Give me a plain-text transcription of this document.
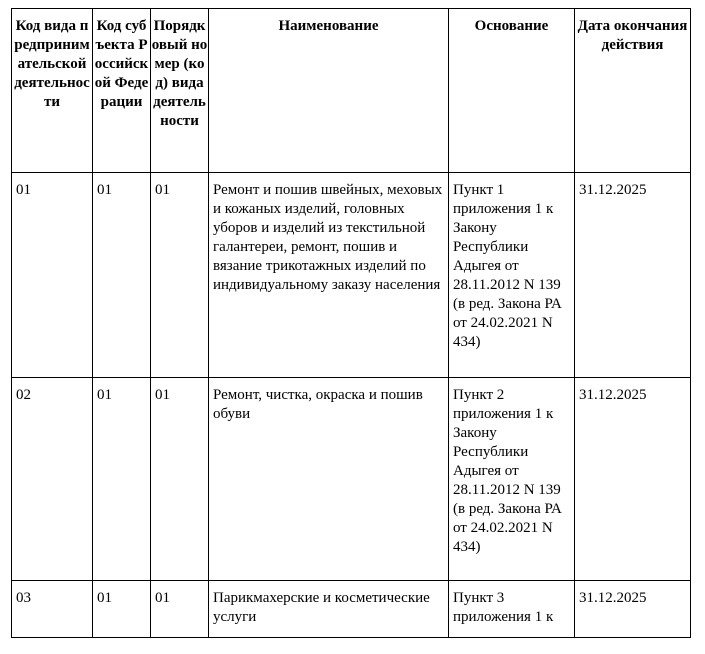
Код вида предпринимательской деятельности	Код субъекта Российской Федерации	Порядковый номер (код) вида деятельности	Наименование	Основание	Дата окончания действия
01	01	01	Ремонт и пошив швейных, меховых и кожаных изделий, головных уборов и изделий из текстильной галантереи, ремонт, пошив и вязание трикотажных изделий по индивидуальному заказу населения	Пункт 1 приложения 1 к Закону Республики Адыгея от 28.11.2012 N 139 (в ред. Закона РА от 24.02.2021 N 434)	31.12.2025
02	01	01	Ремонт, чистка, окраска и пошив обуви	Пункт 2 приложения 1 к Закону Республики Адыгея от 28.11.2012 N 139 (в ред. Закона РА от 24.02.2021 N 434)	31.12.2025
03	01	01	Парикмахерские и косметические услуги	Пункт 3 приложения 1 к	31.12.2025
